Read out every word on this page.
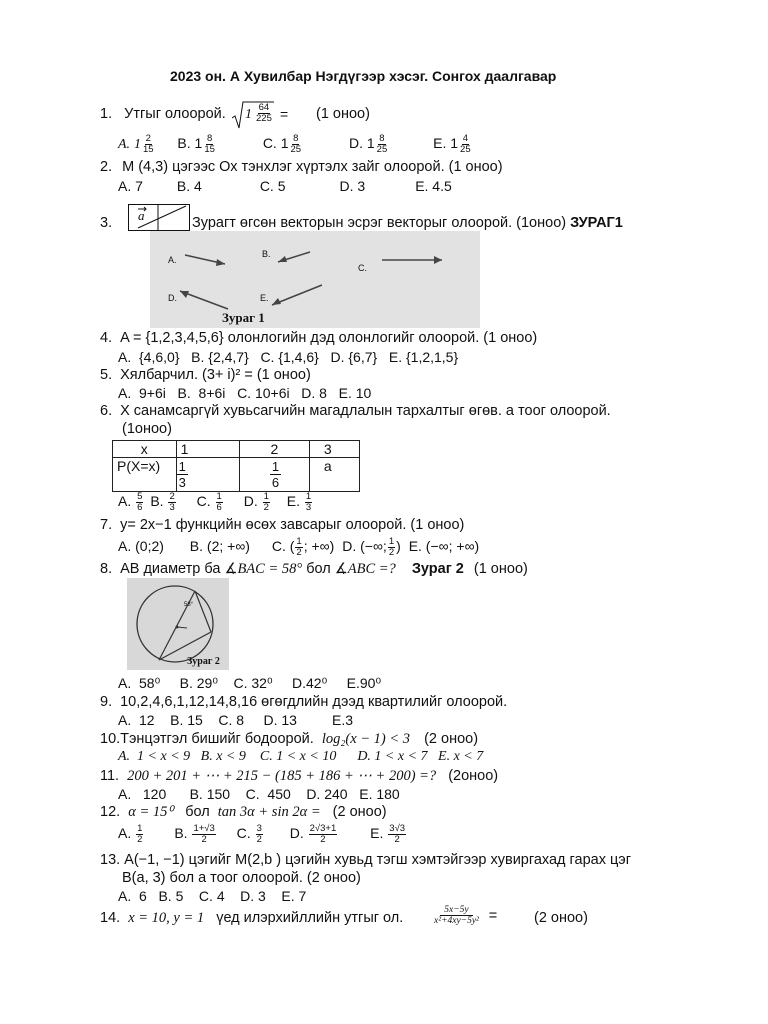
2023 он. А Хувилбар Нэгдүгээр хэсэг. Сонгох даалгавар
1. Утгыг олоорой. $1 \frac{64}{225} = (1$ оноо)
A. $1 \frac{2}{15} B$. $1 \frac{8}{15}$	C. $1 \frac{8}{25}$	D. $1 \frac{8}{25}$	E. $1 \frac{4}{25}$
2. M (4,3) цэгээс Ох тэнхлэг хүртэлх зайг олоорой. (1 оноо)
A. 7 B. 4	C. 5	D. 3	E. 4.5
3. a	Зурагт өгсөн векторын эсрэг векторыг олоорой. (1оноо) ЗУРАГ1
A.
B.
C.
D.	E.
Зураг 1
4. A = {1,2,3,4,5,6} олонлогийн дэд олонлогийг олоорой. (1 оноо)
A.  {4,6,0}   B. {2,4,7}   C. {1,4,6}   D. {6,7}   E. {1,2,1,5}
5. Хялбарчил. (3+ i)² = (1 оноо)
A.  9+6i   B.  8+6i   C. 10+6i   D. 8   E. 10
6. X санамсаргүй хувьсагчийн магадлалын тархалтыг өгөв. a тоог олоорой.
(1оноо)
x	1	2	3
P(X=x)	$\frac{1}{3}$	$\frac{1}{6}$	a
A. $\frac{5}{6} B$. $\frac{2}{3} C$. $\frac{1}{6} D$. $\frac{1}{2} E$. $\frac{1}{3}$
7. y= 2x−1 функцийн өсөх завсарыг олоорой. (1 оноо)
A. (0;2) B. (2; +∞) C. ( $\frac{1}{2}$ ; +∞) D. (−∞; $\frac{1}{2}$ ) E. (−∞; +∞)
8. AB диаметр ба ∡BAC = 58° бол ∡ABC =? Зураг 2 (1 оноо)
58°
Зураг 2
A.  58⁰     B. 29⁰    C. 32⁰     D.42⁰     E.90⁰
9. 10,2,4,6,1,12,14,8,16 өгөгдлийн дээд квартилийг олоорой.
A.  12    B. 15    C. 8     D. 13         E.3
10.Тэнцэтгэл бишийг бодоорой. log₂(x − 1) < 3 (2 оноо)
A.  1 < x < 9   B. x < 9    C. 1 < x < 10      D. 1 < x < 7   E. x < 7
11. 200 + 201 + ⋯ + 215 − (185 + 186 + ⋯ + 200) =? (2оноо)
A.   120      B. 150    C.  450    D. 240   E. 180
12. α = 15⁰ бол tan 3α + sin 2α = (2 оноо)
A. $\frac{1}{2} B$. $\frac{1+√3}{2} C$. $\frac{3}{2} D$. $\frac{2√3+1}{2} E$. $\frac{3√3}{2}$
13. A(−1, −1) цэгийг M(2,b ) цэгийн хувьд тэгш хэмтэйгээр хувиргахад гарах цэг
B(a, 3) бол a тоог олоорой. (2 оноо)
A.  6   B. 5    C. 4    D. 3    E. 7
14. x = 10, y = 1 үед илэрхийллийн утгыг ол.	$\frac{5x-5y}{\text{x²+4xy−5y²}}$ =	(2 оноо)
